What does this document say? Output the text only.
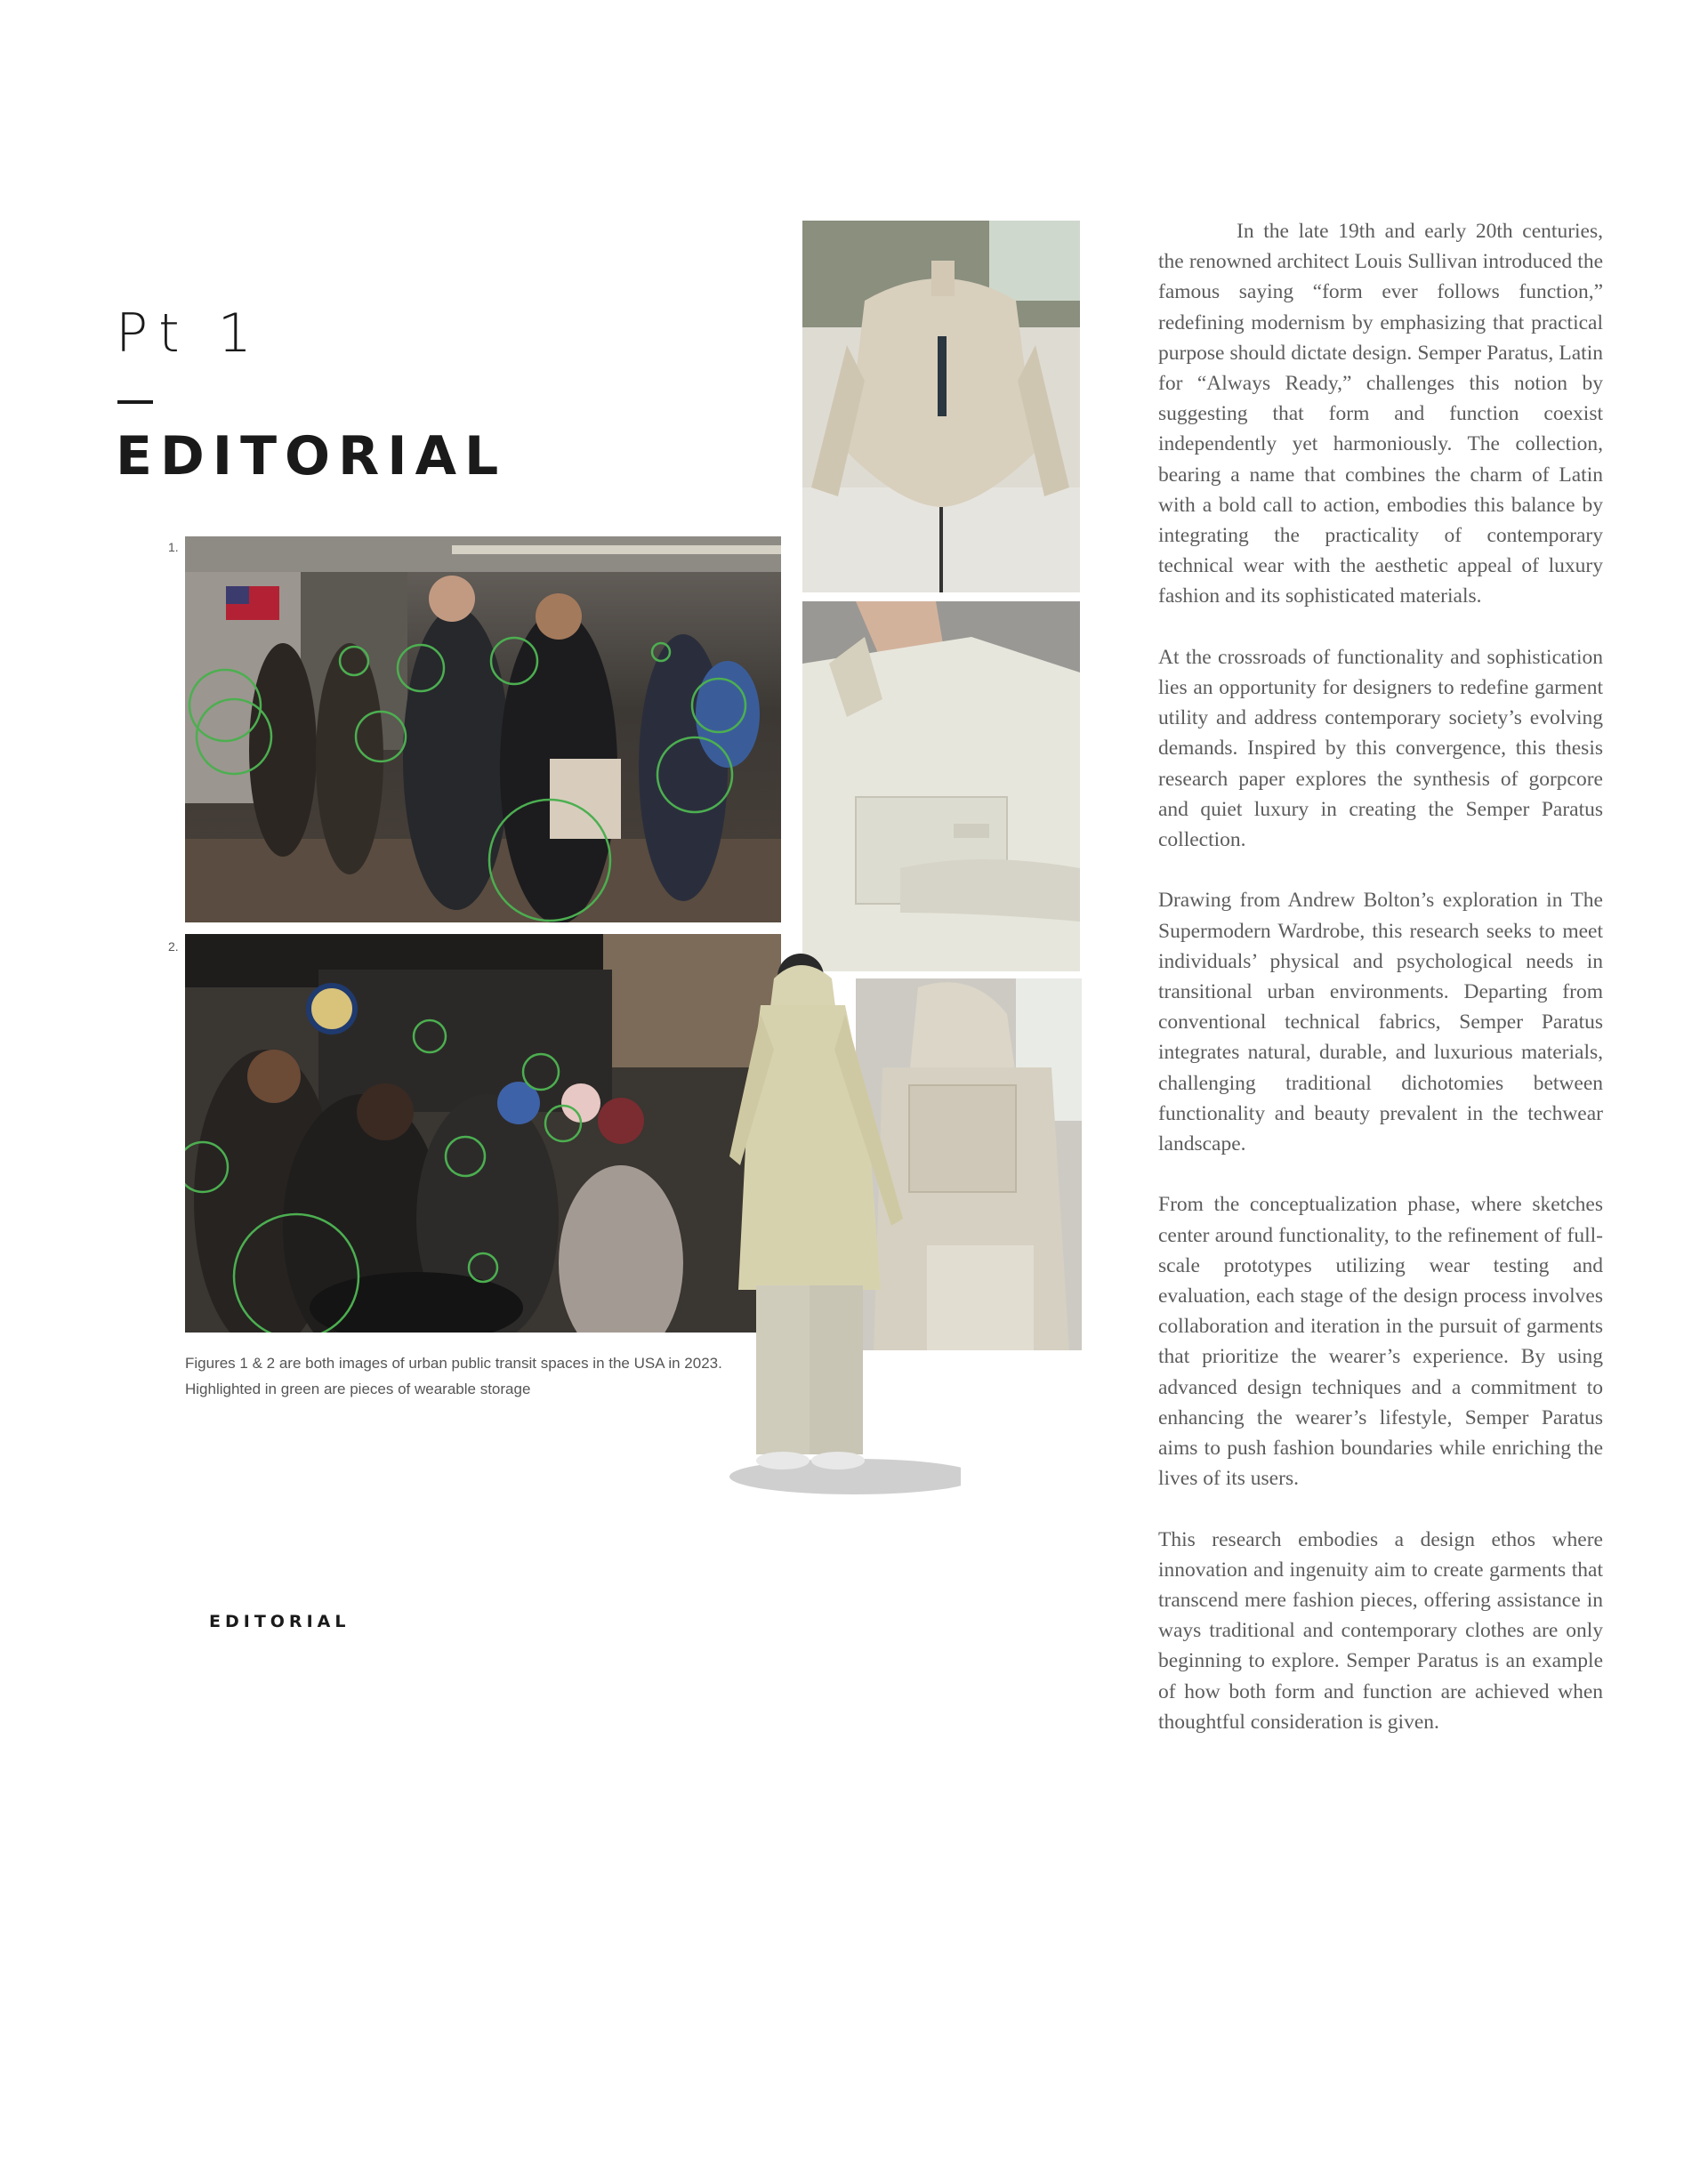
Pt 1
EDITORIAL
1.
2.

Figures 1 & 2 are both images of urban public transit spaces in the USA in 2023.
Highlighted in green are pieces of wearable storage

EDITORIAL

In the late 19th and early 20th centuries, the renowned architect Louis Sullivan introduced the famous saying “form ever follows function,” redefining modernism by emphasizing that practical purpose should dictate design. Semper Paratus, Latin for “Always Ready,” challenges this notion by suggesting that form and function coexist independently yet harmoniously. The collection, bearing a name that combines the charm of Latin with a bold call to action, embodies this balance by integrating the practicality of contemporary technical wear with the aesthetic appeal of luxury fashion and its sophisticated materials.

At the crossroads of functionality and sophistication lies an opportunity for designers to redefine garment utility and address contemporary society’s evolving demands. Inspired by this convergence, this thesis research paper explores the synthesis of gorpcore and quiet luxury in creating the Semper Paratus collection.

Drawing from Andrew Bolton’s exploration in The Supermodern Wardrobe, this research seeks to meet individuals’ physical and psychological needs in transitional urban environments. Departing from conventional technical fabrics, Semper Paratus integrates natural, durable, and luxurious materials, challenging traditional dichotomies between functionality and beauty prevalent in the techwear landscape.

From the conceptualization phase, where sketches center around functionality, to the refinement of full-scale prototypes utilizing wear testing and evaluation, each stage of the design process involves collaboration and iteration in the pursuit of garments that prioritize the wearer’s experience. By using advanced design techniques and a commitment to enhancing the wearer’s lifestyle, Semper Paratus aims to push fashion boundaries while enriching the lives of its users.

This research embodies a design ethos where innovation and ingenuity aim to create garments that transcend mere fashion pieces, offering assistance in ways traditional and contemporary clothes are only beginning to explore. Semper Paratus is an example of how both form and function are achieved when thoughtful consideration is given.
